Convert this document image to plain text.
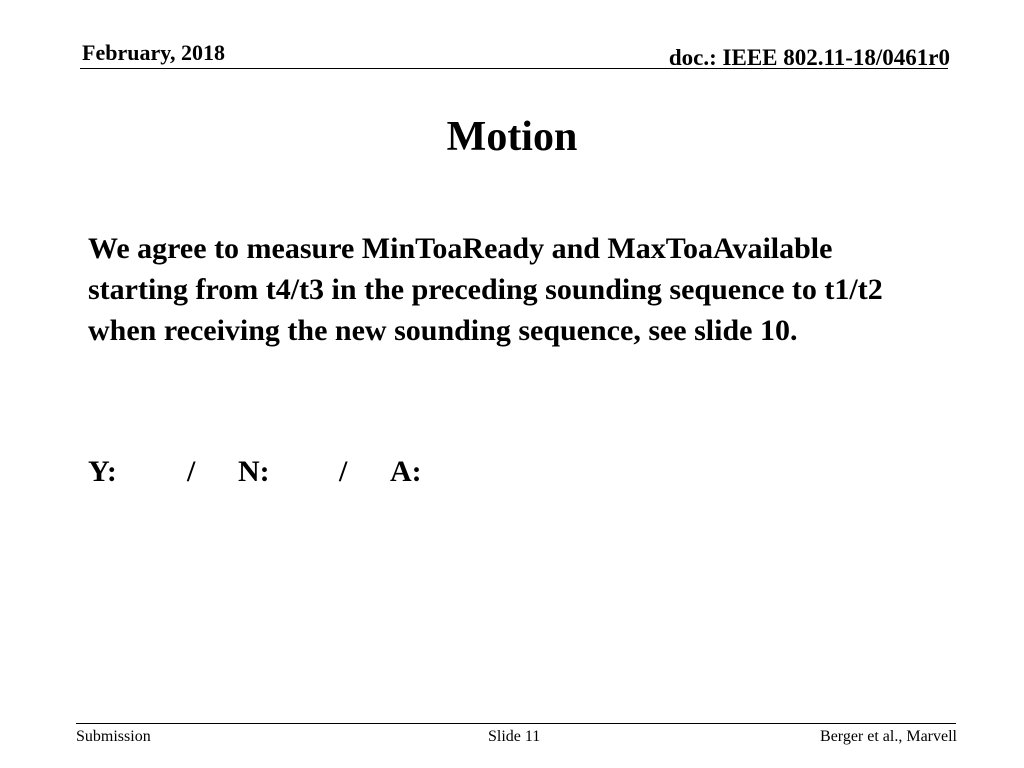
February, 2018	doc.: IEEE 802.11-18/0461r0
Motion
We agree to measure MinToaReady and MaxToaAvailable starting from t4/t3 in the preceding sounding sequence to t1/t2 when receiving the new sounding sequence, see slide 10.
Y: / N: / A:
Submission	Slide 11	Berger et al., Marvell
